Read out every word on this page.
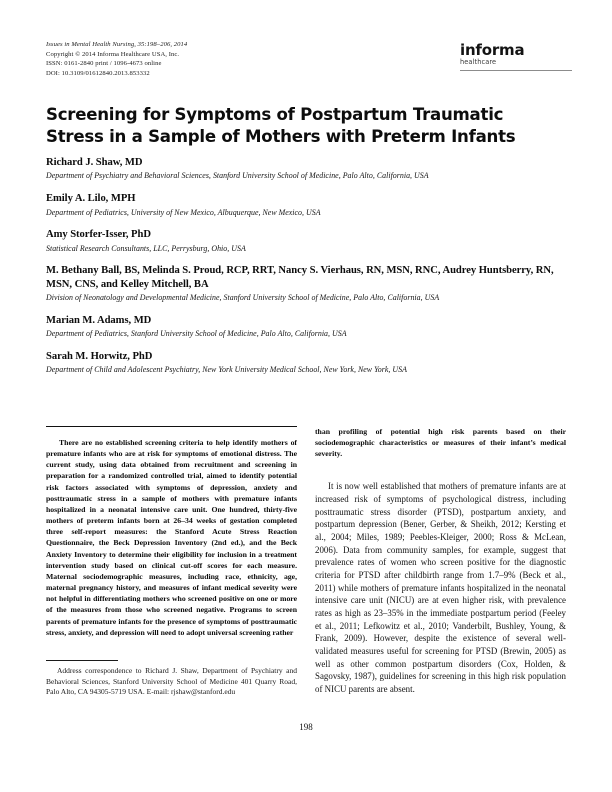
Issues in Mental Health Nursing, 35:198–206, 2014
Copyright © 2014 Informa Healthcare USA, Inc.
ISSN: 0161-2840 print / 1096-4673 online
DOI: 10.3109/01612840.2013.853332
informa
healthcare
Screening for Symptoms of Postpartum Traumatic Stress in a Sample of Mothers with Preterm Infants
Richard J. Shaw, MD
Department of Psychiatry and Behavioral Sciences, Stanford University School of Medicine, Palo Alto, California, USA
Emily A. Lilo, MPH
Department of Pediatrics, University of New Mexico, Albuquerque, New Mexico, USA
Amy Storfer-Isser, PhD
Statistical Research Consultants, LLC, Perrysburg, Ohio, USA
M. Bethany Ball, BS, Melinda S. Proud, RCP, RRT, Nancy S. Vierhaus, RN, MSN, RNC, Audrey Huntsberry, RN, MSN, CNS, and Kelley Mitchell, BA
Division of Neonatology and Developmental Medicine, Stanford University School of Medicine, Palo Alto, California, USA
Marian M. Adams, MD
Department of Pediatrics, Stanford University School of Medicine, Palo Alto, California, USA
Sarah M. Horwitz, PhD
Department of Child and Adolescent Psychiatry, New York University Medical School, New York, New York, USA
There are no established screening criteria to help identify mothers of premature infants who are at risk for symptoms of emotional distress. The current study, using data obtained from recruitment and screening in preparation for a randomized controlled trial, aimed to identify potential risk factors associated with symptoms of depression, anxiety and posttraumatic stress in a sample of mothers with premature infants hospitalized in a neonatal intensive care unit. One hundred, thirty-five mothers of preterm infants born at 26–34 weeks of gestation completed three self-report measures: the Stanford Acute Stress Reaction Questionnaire, the Beck Depression Inventory (2nd ed.), and the Beck Anxiety Inventory to determine their eligibility for inclusion in a treatment intervention study based on clinical cut-off scores for each measure. Maternal sociodemographic measures, including race, ethnicity, age, maternal pregnancy history, and measures of infant medical severity were not helpful in differentiating mothers who screened positive on one or more of the measures from those who screened negative. Programs to screen parents of premature infants for the presence of symptoms of posttraumatic stress, anxiety, and depression will need to adopt universal screening rather
than profiling of potential high risk parents based on their sociodemographic characteristics or measures of their infant’s medical severity.
It is now well established that mothers of premature infants are at increased risk of symptoms of psychological distress, including posttraumatic stress disorder (PTSD), postpartum anxiety, and postpartum depression (Bener, Gerber, & Sheikh, 2012; Kersting et al., 2004; Miles, 1989; Peebles-Kleiger, 2000; Ross & McLean, 2006). Data from community samples, for example, suggest that prevalence rates of women who screen positive for the diagnostic criteria for PTSD after childbirth range from 1.7–9% (Beck et al., 2011) while mothers of premature infants hospitalized in the neonatal intensive care unit (NICU) are at even higher risk, with prevalence rates as high as 23–35% in the immediate postpartum period (Feeley et al., 2011; Lefkowitz et al., 2010; Vanderbilt, Bushley, Young, & Frank, 2009). However, despite the existence of several well-validated measures useful for screening for PTSD (Brewin, 2005) as well as other common postpartum disorders (Cox, Holden, & Sagovsky, 1987), guidelines for screening in this high risk population of NICU parents are absent.
Address correspondence to Richard J. Shaw, Department of Psychiatry and Behavioral Sciences, Stanford University School of Medicine 401 Quarry Road, Palo Alto, CA 94305-5719 USA. E-mail: rjshaw@stanford.edu
198
